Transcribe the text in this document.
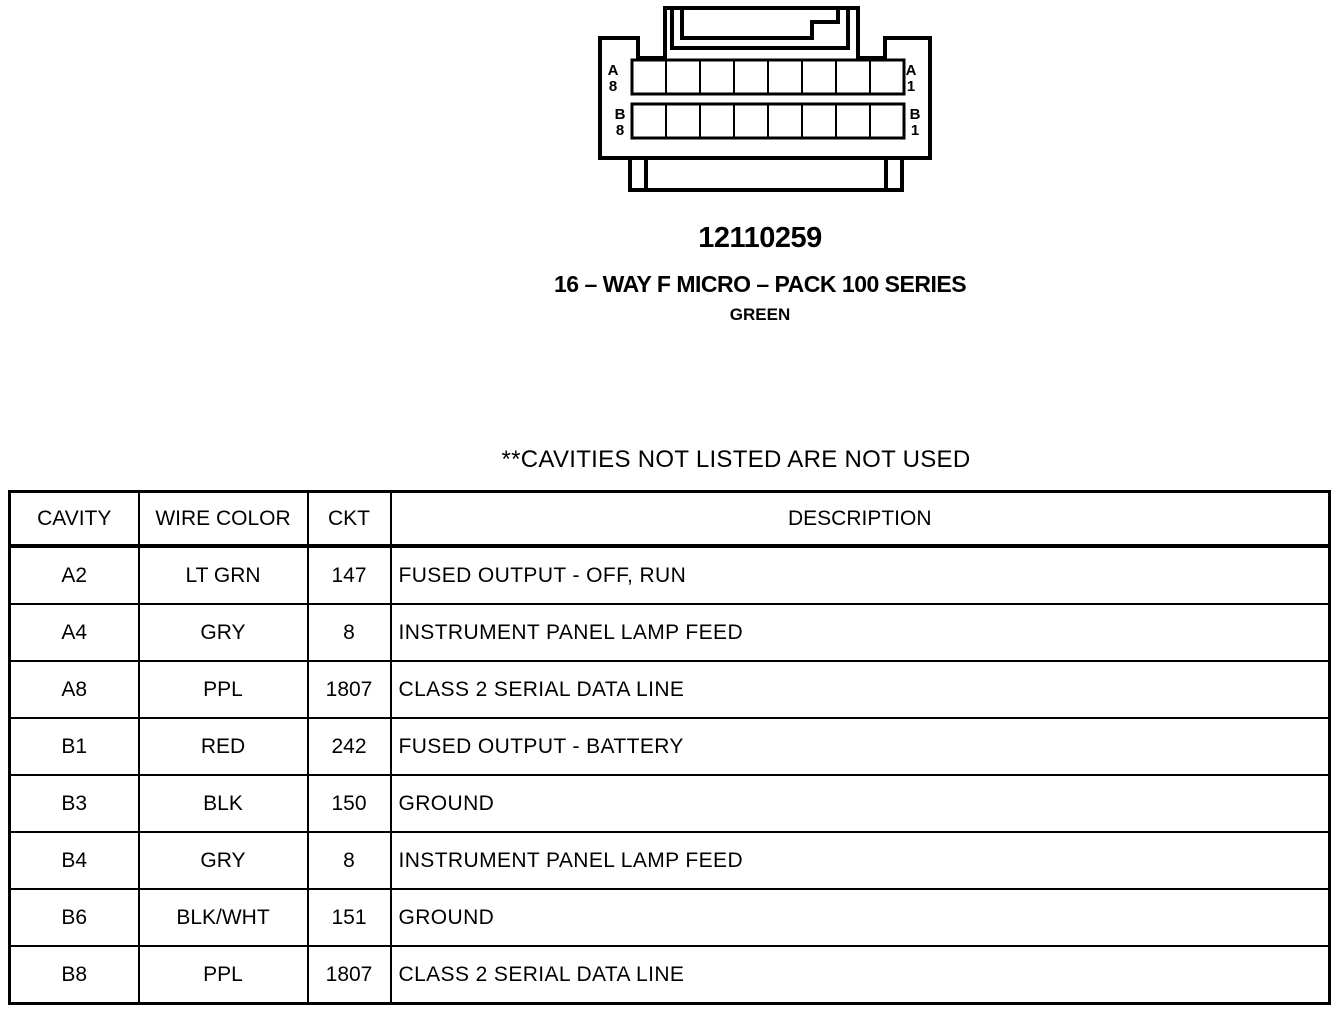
A
8
A
1
B
8
B
1
12110259
16 – WAY F MICRO – PACK 100 SERIES
GREEN
**CAVITIES NOT LISTED ARE NOT USED
CAVITY	WIRE COLOR	CKT	DESCRIPTION
A2	LT GRN	147	FUSED OUTPUT - OFF, RUN
A4	GRY	8	INSTRUMENT PANEL LAMP FEED
A8	PPL	1807	CLASS 2 SERIAL DATA LINE
B1	RED	242	FUSED OUTPUT - BATTERY
B3	BLK	150	GROUND
B4	GRY	8	INSTRUMENT PANEL LAMP FEED
B6	BLK/WHT	151	GROUND
B8	PPL	1807	CLASS 2 SERIAL DATA LINE
